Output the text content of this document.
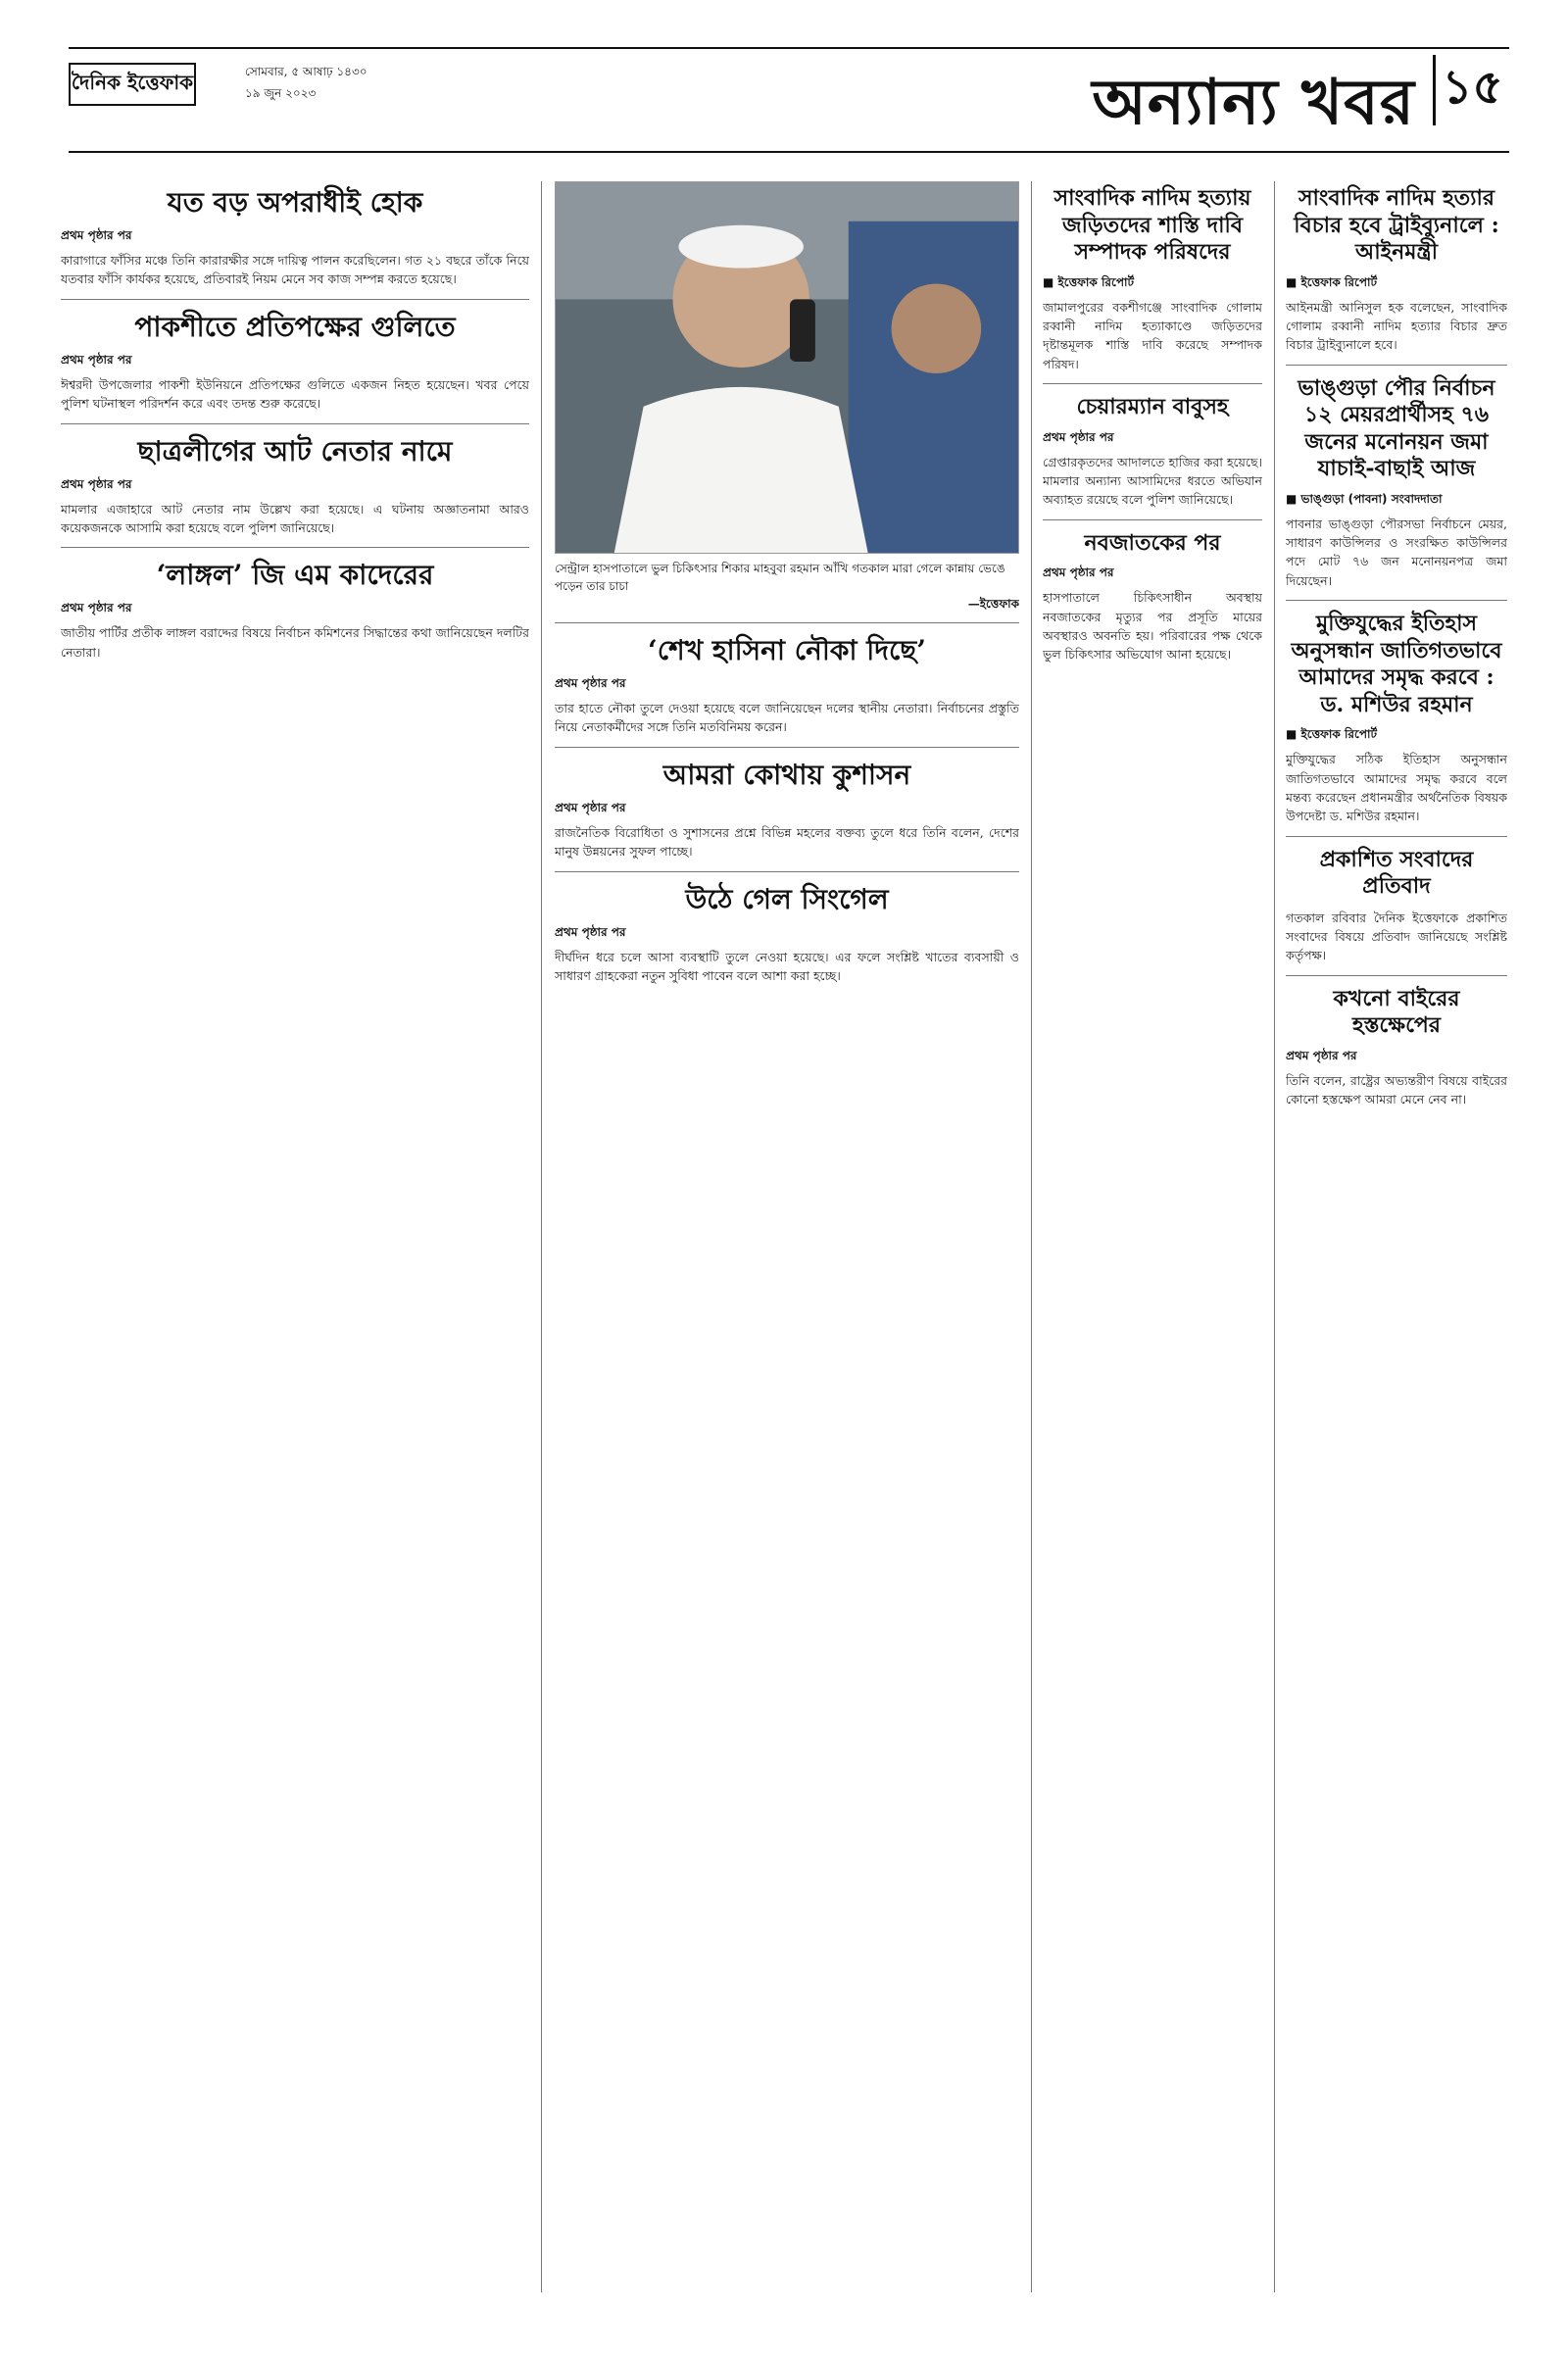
দৈনিক ইত্তেফাক	সোমবার, ৫ আষাঢ় ১৪৩০
১৯ জুন ২০২৩	অন্যান্য খবর ১৫
যত বড় অপরাধীই হোক
প্রথম পৃষ্ঠার পর

কারাগারে ফাঁসির মঞ্চে তিনি কারারক্ষীর সঙ্গে দায়িত্ব পালন করেছিলেন। গত ২১ বছরে তাঁকে নিয়ে যতবার ফাঁসি কার্যকর হয়েছে, প্রতিবারই নিয়ম মেনে সব কাজ সম্পন্ন করতে হয়েছে।

পাকশীতে প্রতিপক্ষের গুলিতে
প্রথম পৃষ্ঠার পর

ঈশ্বরদী উপজেলার পাকশী ইউনিয়নে প্রতিপক্ষের গুলিতে একজন নিহত হয়েছেন। খবর পেয়ে পুলিশ ঘটনাস্থল পরিদর্শন করে এবং তদন্ত শুরু করেছে।

ছাত্রলীগের আট নেতার নামে
প্রথম পৃষ্ঠার পর

মামলার এজাহারে আট নেতার নাম উল্লেখ করা হয়েছে। এ ঘটনায় অজ্ঞাতনামা আরও কয়েকজনকে আসামি করা হয়েছে বলে পুলিশ জানিয়েছে।

‘লাঙ্গল’ জি এম কাদেরের
প্রথম পৃষ্ঠার পর

জাতীয় পার্টির প্রতীক লাঙ্গল বরাদ্দের বিষয়ে নির্বাচন কমিশনের সিদ্ধান্তের কথা জানিয়েছেন দলটির নেতারা।

সেন্ট্রাল হাসপাতালে ভুল চিকিৎসার শিকার মাহবুবা রহমান আঁখি গতকাল মারা গেলে কান্নায় ভেঙে পড়েন তার চাচা
—ইত্তেফাক
‘শেখ হাসিনা নৌকা দিছে’
প্রথম পৃষ্ঠার পর

তার হাতে নৌকা তুলে দেওয়া হয়েছে বলে জানিয়েছেন দলের স্থানীয় নেতারা। নির্বাচনের প্রস্তুতি নিয়ে নেতাকর্মীদের সঙ্গে তিনি মতবিনিময় করেন।

আমরা কোথায় কুশাসন
প্রথম পৃষ্ঠার পর

রাজনৈতিক বিরোধিতা ও সুশাসনের প্রশ্নে বিভিন্ন মহলের বক্তব্য তুলে ধরে তিনি বলেন, দেশের মানুষ উন্নয়নের সুফল পাচ্ছে।

উঠে গেল সিংগেল
প্রথম পৃষ্ঠার পর

দীর্ঘদিন ধরে চলে আসা ব্যবস্থাটি তুলে নেওয়া হয়েছে। এর ফলে সংশ্লিষ্ট খাতের ব্যবসায়ী ও সাধারণ গ্রাহকেরা নতুন সুবিধা পাবেন বলে আশা করা হচ্ছে।

সাংবাদিক নাদিম হত্যায় জড়িতদের শাস্তি দাবি সম্পাদক পরিষদের
■ ইত্তেফাক রিপোর্ট

জামালপুরের বকশীগঞ্জে সাংবাদিক গোলাম রব্বানী নাদিম হত্যাকাণ্ডে জড়িতদের দৃষ্টান্তমূলক শাস্তি দাবি করেছে সম্পাদক পরিষদ।

চেয়ারম্যান বাবুসহ
প্রথম পৃষ্ঠার পর

গ্রেপ্তারকৃতদের আদালতে হাজির করা হয়েছে। মামলার অন্যান্য আসামিদের ধরতে অভিযান অব্যাহত রয়েছে বলে পুলিশ জানিয়েছে।

নবজাতকের পর
প্রথম পৃষ্ঠার পর

হাসপাতালে চিকিৎসাধীন অবস্থায় নবজাতকের মৃত্যুর পর প্রসূতি মায়ের অবস্থারও অবনতি হয়। পরিবারের পক্ষ থেকে ভুল চিকিৎসার অভিযোগ আনা হয়েছে।

সাংবাদিক নাদিম হত্যার বিচার হবে ট্রাইব্যুনালে : আইনমন্ত্রী
■ ইত্তেফাক রিপোর্ট

আইনমন্ত্রী আনিসুল হক বলেছেন, সাংবাদিক গোলাম রব্বানী নাদিম হত্যার বিচার দ্রুত বিচার ট্রাইব্যুনালে হবে।

ভাঙ্গুড়া পৌর নির্বাচন ১২ মেয়রপ্রার্থীসহ ৭৬ জনের মনোনয়ন জমা যাচাই-বাছাই আজ
■ ভাঙ্গুড়া (পাবনা) সংবাদদাতা

পাবনার ভাঙ্গুড়া পৌরসভা নির্বাচনে মেয়র, সাধারণ কাউন্সিলর ও সংরক্ষিত কাউন্সিলর পদে মোট ৭৬ জন মনোনয়নপত্র জমা দিয়েছেন।

মুক্তিযুদ্ধের ইতিহাস অনুসন্ধান জাতিগতভাবে আমাদের সমৃদ্ধ করবে : ড. মশিউর রহমান
■ ইত্তেফাক রিপোর্ট

মুক্তিযুদ্ধের সঠিক ইতিহাস অনুসন্ধান জাতিগতভাবে আমাদের সমৃদ্ধ করবে বলে মন্তব্য করেছেন প্রধানমন্ত্রীর অর্থনৈতিক বিষয়ক উপদেষ্টা ড. মশিউর রহমান।

প্রকাশিত সংবাদের প্রতিবাদ

গতকাল রবিবার দৈনিক ইত্তেফাকে প্রকাশিত সংবাদের বিষয়ে প্রতিবাদ জানিয়েছে সংশ্লিষ্ট কর্তৃপক্ষ।

কখনো বাইরের হস্তক্ষেপের
প্রথম পৃষ্ঠার পর

তিনি বলেন, রাষ্ট্রের অভ্যন্তরীণ বিষয়ে বাইরের কোনো হস্তক্ষেপ আমরা মেনে নেব না।
